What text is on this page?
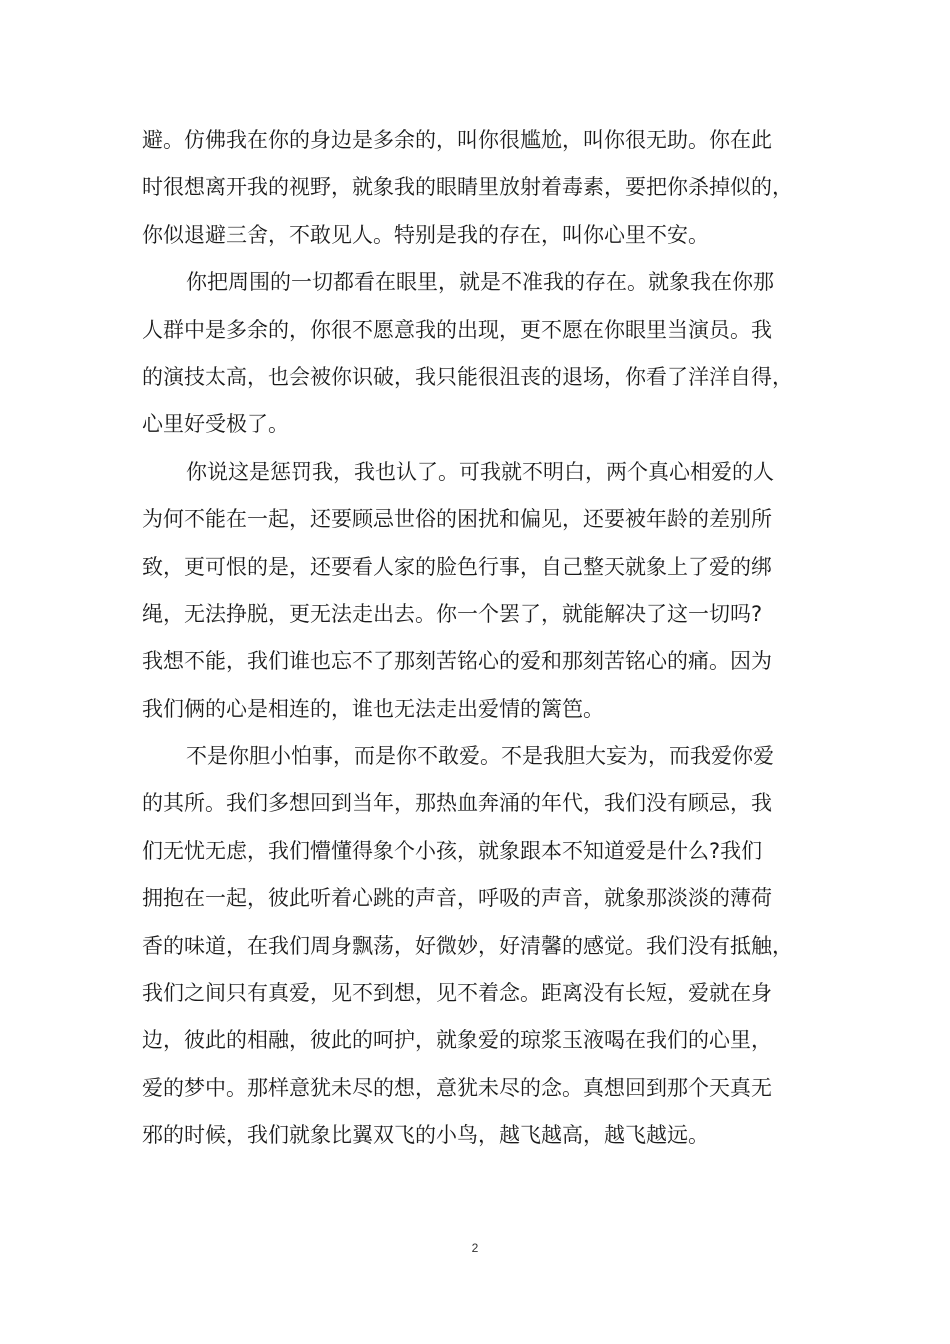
避。仿佛我在你的身边是多余的，叫你很尴尬，叫你很无助。你在此
时很想离开我的视野，就象我的眼睛里放射着毒素，要把你杀掉似的，
你似退避三舍，不敢见人。特别是我的存在，叫你心里不安。
你把周围的一切都看在眼里，就是不准我的存在。就象我在你那
人群中是多余的，你很不愿意我的出现，更不愿在你眼里当演员。我
的演技太高，也会被你识破，我只能很沮丧的退场，你看了洋洋自得，
心里好受极了。
你说这是惩罚我，我也认了。可我就不明白，两个真心相爱的人
为何不能在一起，还要顾忌世俗的困扰和偏见，还要被年龄的差别所
致，更可恨的是，还要看人家的脸色行事，自己整天就象上了爱的绑
绳，无法挣脱，更无法走出去。你一个罢了，就能解决了这一切吗?
我想不能，我们谁也忘不了那刻苦铭心的爱和那刻苦铭心的痛。因为
我们俩的心是相连的，谁也无法走出爱情的篱笆。
不是你胆小怕事，而是你不敢爱。不是我胆大妄为，而我爱你爱
的其所。我们多想回到当年，那热血奔涌的年代，我们没有顾忌，我
们无忧无虑，我们懵懂得象个小孩，就象跟本不知道爱是什么?我们
拥抱在一起，彼此听着心跳的声音，呼吸的声音，就象那淡淡的薄荷
香的味道，在我们周身飘荡，好微妙，好清馨的感觉。我们没有抵触，
我们之间只有真爱，见不到想，见不着念。距离没有长短，爱就在身
边，彼此的相融，彼此的呵护，就象爱的琼浆玉液喝在我们的心里，
爱的梦中。那样意犹未尽的想，意犹未尽的念。真想回到那个天真无
邪的时候，我们就象比翼双飞的小鸟，越飞越高，越飞越远。
2
